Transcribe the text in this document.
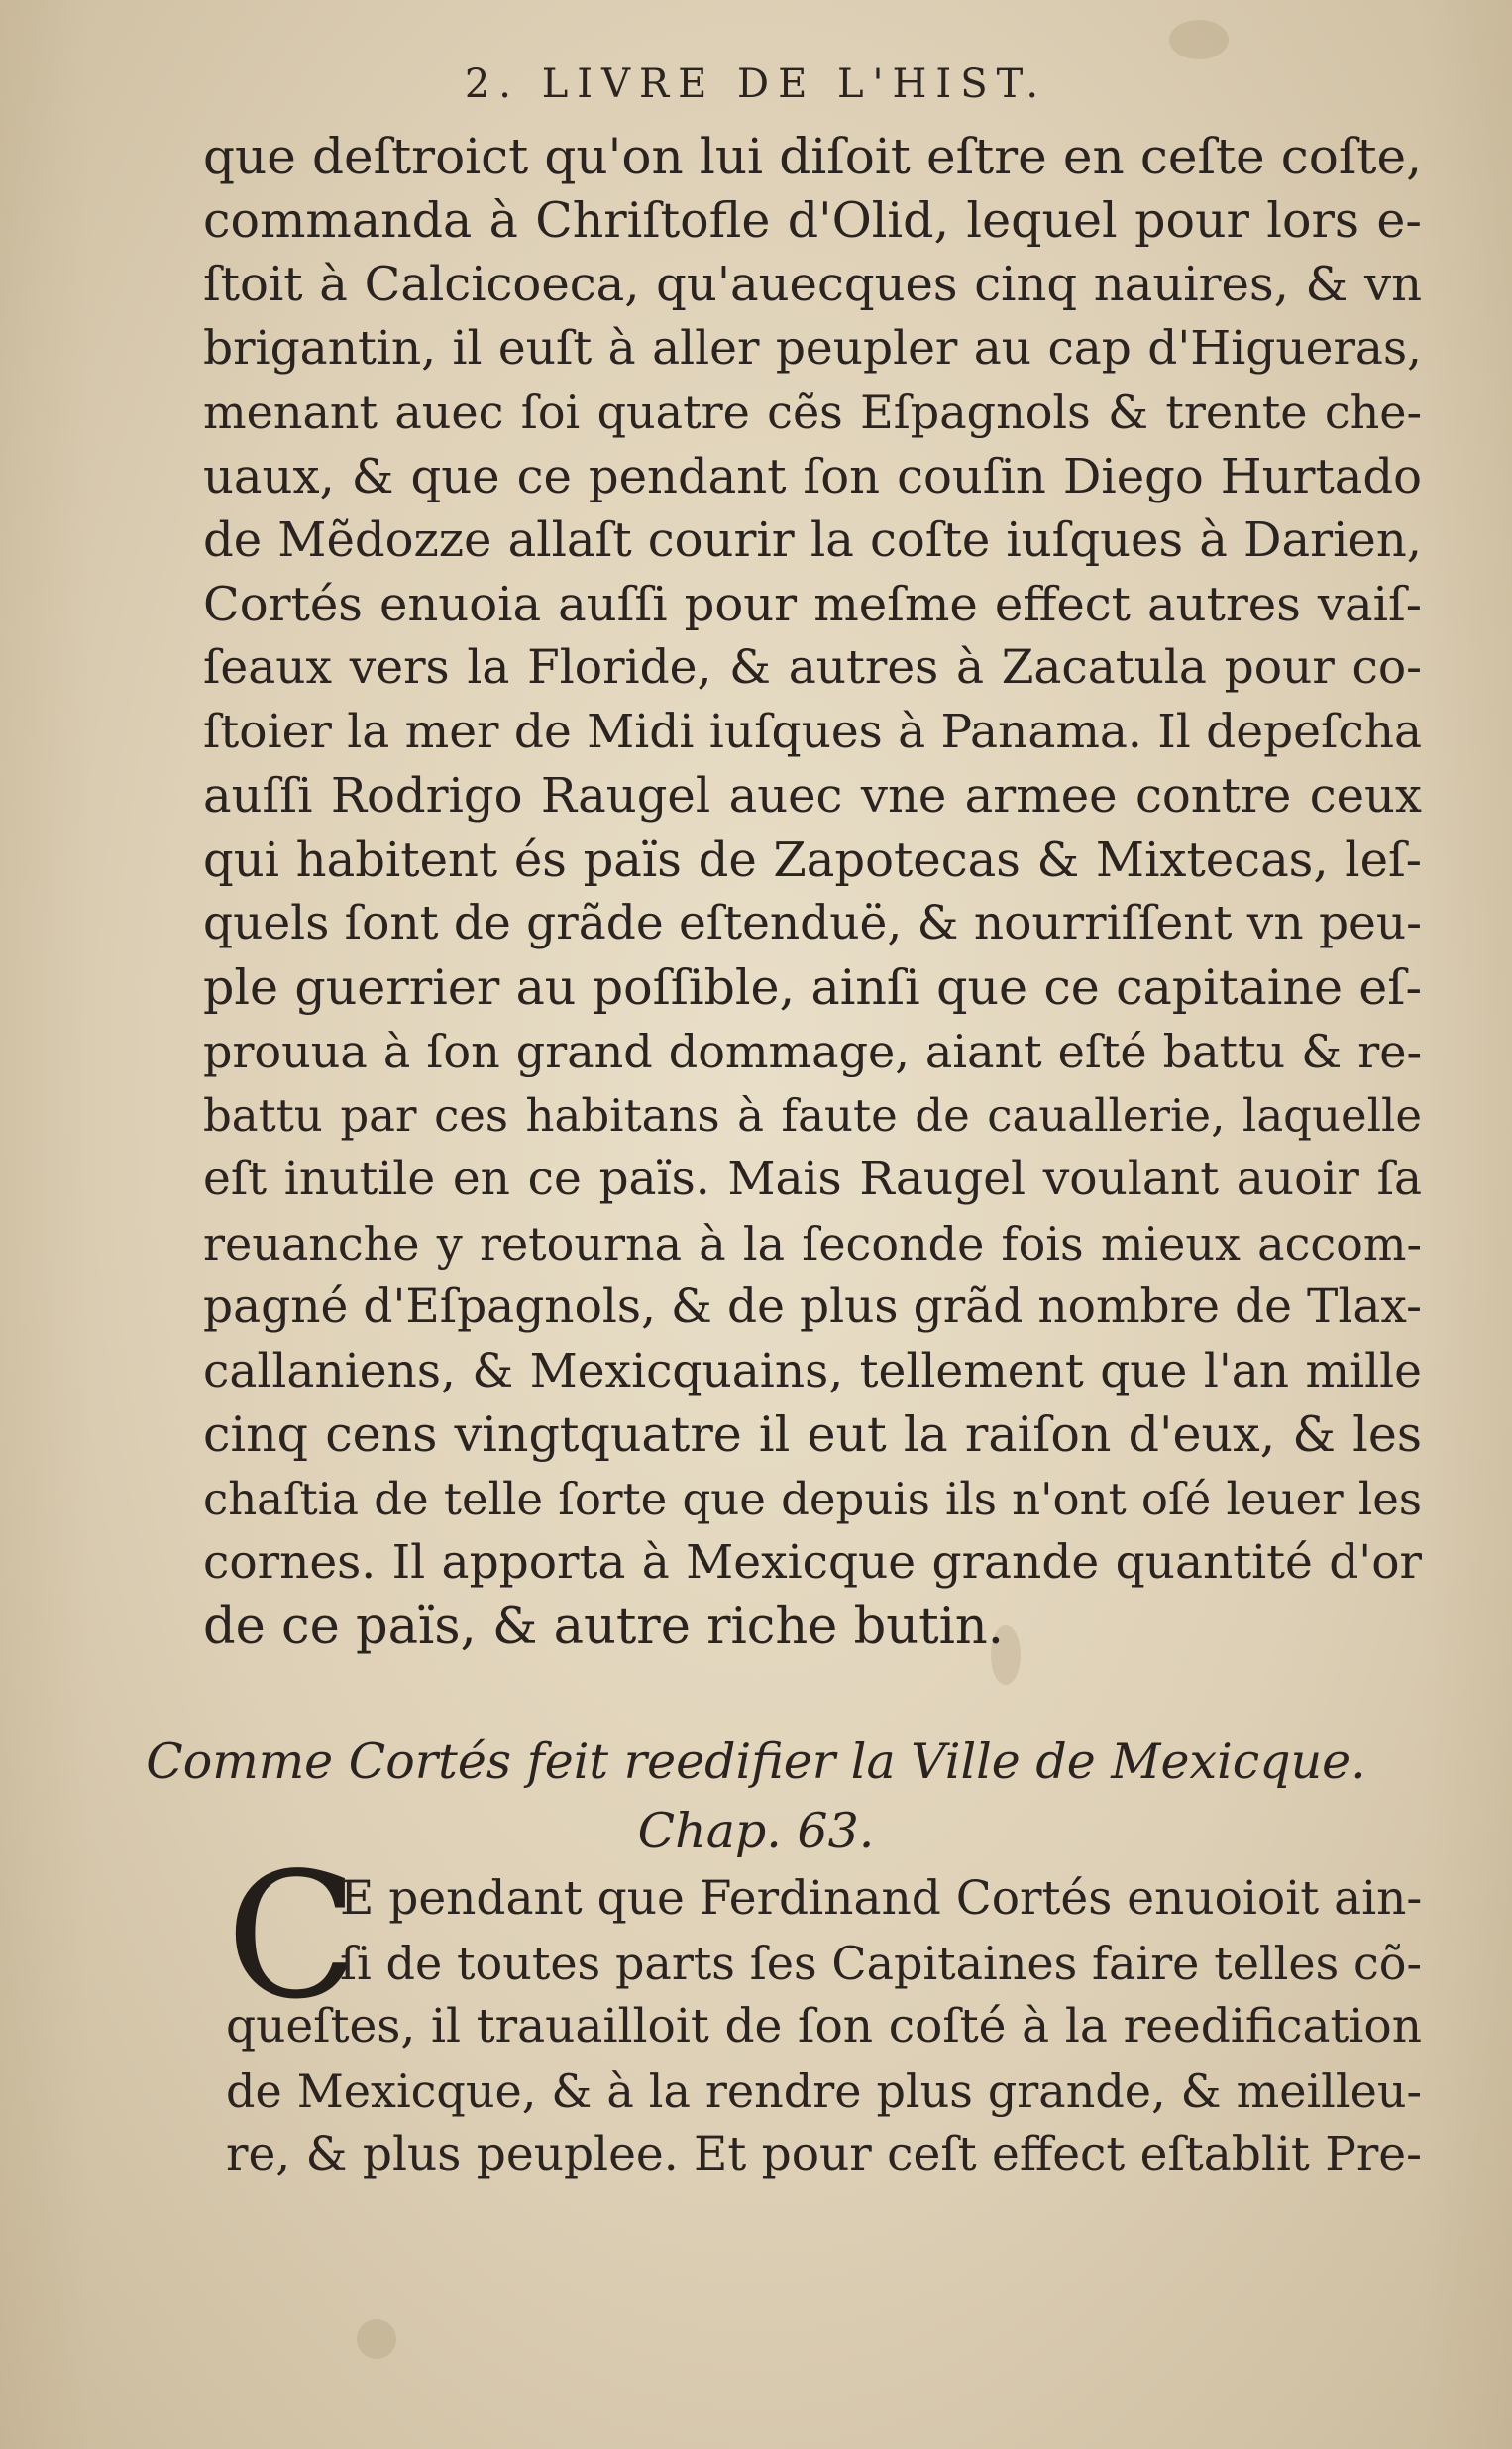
2. LIVRE DE L'HIST.
que deſtroict qu'on lui diſoit eſtre en ceſte coſte,
commanda à Chriſtofle d'Olid, lequel pour lors e-
ſtoit à Calcicoeca, qu'auecques cinq nauires, & vn
brigantin, il euſt à aller peupler au cap d'Higueras,
menant auec ſoi quatre cẽs Eſpagnols & trente che-
uaux, & que ce pendant ſon couſin Diego Hurtado
de Mẽdozze allaſt courir la coſte iuſques à Darien,
Cortés enuoia auſſi pour meſme effect autres vaiſ-
ſeaux vers la Floride, & autres à Zacatula pour co-
ſtoier la mer de Midi iuſques à Panama. Il depeſcha
auſſi Rodrigo Raugel auec vne armee contre ceux
qui habitent és païs de Zapotecas & Mixtecas, leſ-
quels ſont de grãde eſtenduë, & nourriſſent vn peu-
ple guerrier au poſſible, ainſi que ce capitaine eſ-
prouua à ſon grand dommage, aiant eſté battu & re-
battu par ces habitans à faute de cauallerie, laquelle
eſt inutile en ce païs. Mais Raugel voulant auoir ſa
reuanche y retourna à la ſeconde fois mieux accom-
pagné d'Eſpagnols, & de plus grãd nombre de Tlax-
callaniens, & Mexicquains, tellement que l'an mille
cinq cens vingtquatre il eut la raiſon d'eux, & les
chaſtia de telle ſorte que depuis ils n'ont oſé leuer les
cornes. Il apporta à Mexicque grande quantité d'or
de ce païs, & autre riche butin.
Comme Cortés feit reedifier la Ville de Mexicque.
Chap. 63.
C
E pendant que Ferdinand Cortés enuoioit ain-
ſi de toutes parts ſes Capitaines faire telles cõ-
queſtes, il trauailloit de ſon coſté à la reedification
de Mexicque, & à la rendre plus grande, & meilleu-
re, & plus peuplee. Et pour ceſt effect eſtablit Pre-
